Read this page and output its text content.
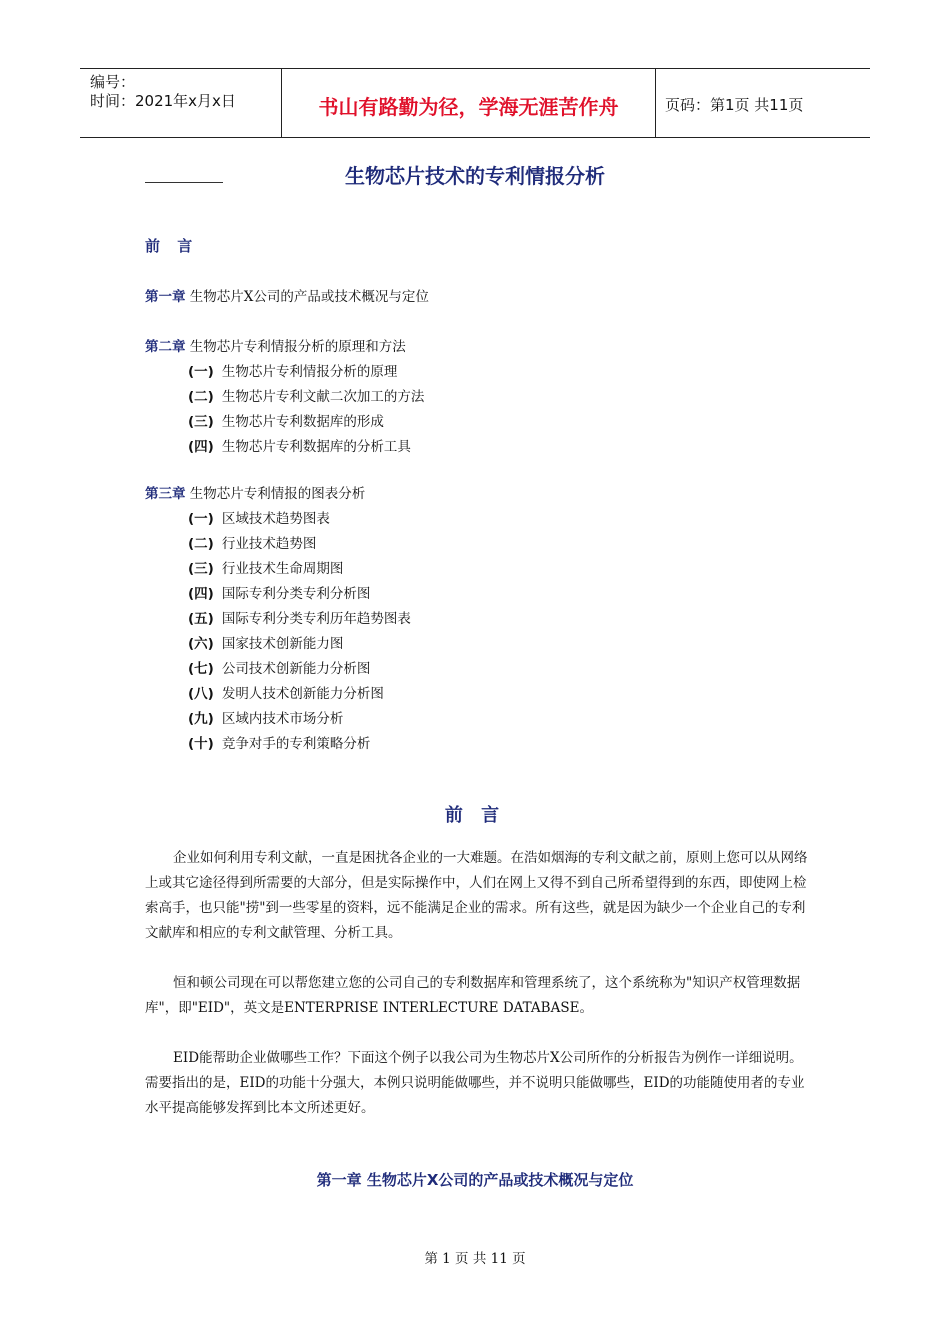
编号：
时间：2021年x月x日	书山有路勤为径，学海无涯苦作舟	页码：第1页 共11页
生物芯片技术的专利情报分析
前 言
第一章 生物芯片X公司的产品或技术概况与定位
第二章 生物芯片专利情报分析的原理和方法
(一) 生物芯片专利情报分析的原理
(二) 生物芯片专利文献二次加工的方法
(三) 生物芯片专利数据库的形成
(四) 生物芯片专利数据库的分析工具
第三章 生物芯片专利情报的图表分析
(一) 区域技术趋势图表
(二) 行业技术趋势图
(三) 行业技术生命周期图
(四) 国际专利分类专利分析图
(五) 国际专利分类专利历年趋势图表
(六) 国家技术创新能力图
(七) 公司技术创新能力分析图
(八) 发明人技术创新能力分析图
(九) 区域内技术市场分析
(十) 竞争对手的专利策略分析
前 言
企业如何利用专利文献，一直是困扰各企业的一大难题。在浩如烟海的专利文献之前，原则上您可以从网络上或其它途径得到所需要的大部分，但是实际操作中，人们在网上又得不到自己所希望得到的东西，即使网上检索高手，也只能"捞"到一些零星的资料，远不能满足企业的需求。所有这些，就是因为缺少一个企业自己的专利文献库和相应的专利文献管理、分析工具。
恒和顿公司现在可以帮您建立您的公司自己的专利数据库和管理系统了，这个系统称为"知识产权管理数据库"，即"EID"，英文是ENTERPRISE INTERLECTURE DATABASE。
EID能帮助企业做哪些工作？下面这个例子以我公司为生物芯片X公司所作的分析报告为例作一详细说明。需要指出的是，EID的功能十分强大，本例只说明能做哪些，并不说明只能做哪些，EID的功能随使用者的专业水平提高能够发挥到比本文所述更好。
第一章 生物芯片X公司的产品或技术概况与定位
第 1 页 共 11 页
